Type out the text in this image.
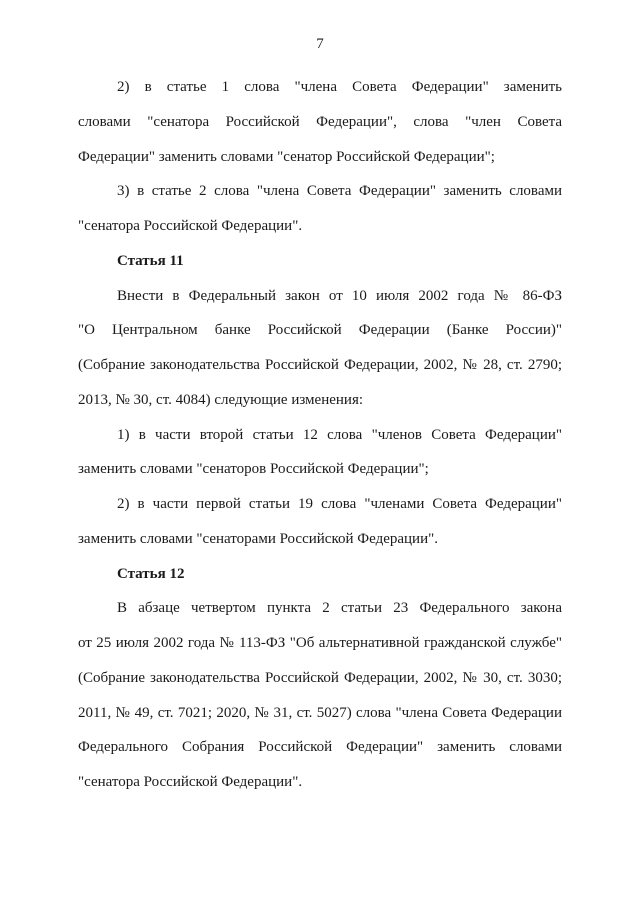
7
2) в статье 1 слова "члена Совета Федерации" заменить
словами "сенатора Российской Федерации", слова "член Совета
Федерации" заменить словами "сенатор Российской Федерации";
3) в статье 2 слова "члена Совета Федерации" заменить словами
"сенатора Российской Федерации".
Статья 11
Внести в Федеральный закон от 10 июля 2002 года № 86-ФЗ
"О Центральном банке Российской Федерации (Банке России)"
(Собрание законодательства Российской Федерации, 2002, № 28, ст. 2790;
2013, № 30, ст. 4084) следующие изменения:
1) в части второй статьи 12 слова "членов Совета Федерации"
заменить словами "сенаторов Российской Федерации";
2) в части первой статьи 19 слова "членами Совета Федерации"
заменить словами "сенаторами Российской Федерации".
Статья 12
В абзаце четвертом пункта 2 статьи 23 Федерального закона
от 25 июля 2002 года № 113-ФЗ "Об альтернативной гражданской службе"
(Собрание законодательства Российской Федерации, 2002, № 30, ст. 3030;
2011, № 49, ст. 7021; 2020, № 31, ст. 5027) слова "члена Совета Федерации
Федерального Собрания Российской Федерации" заменить словами
"сенатора Российской Федерации".
